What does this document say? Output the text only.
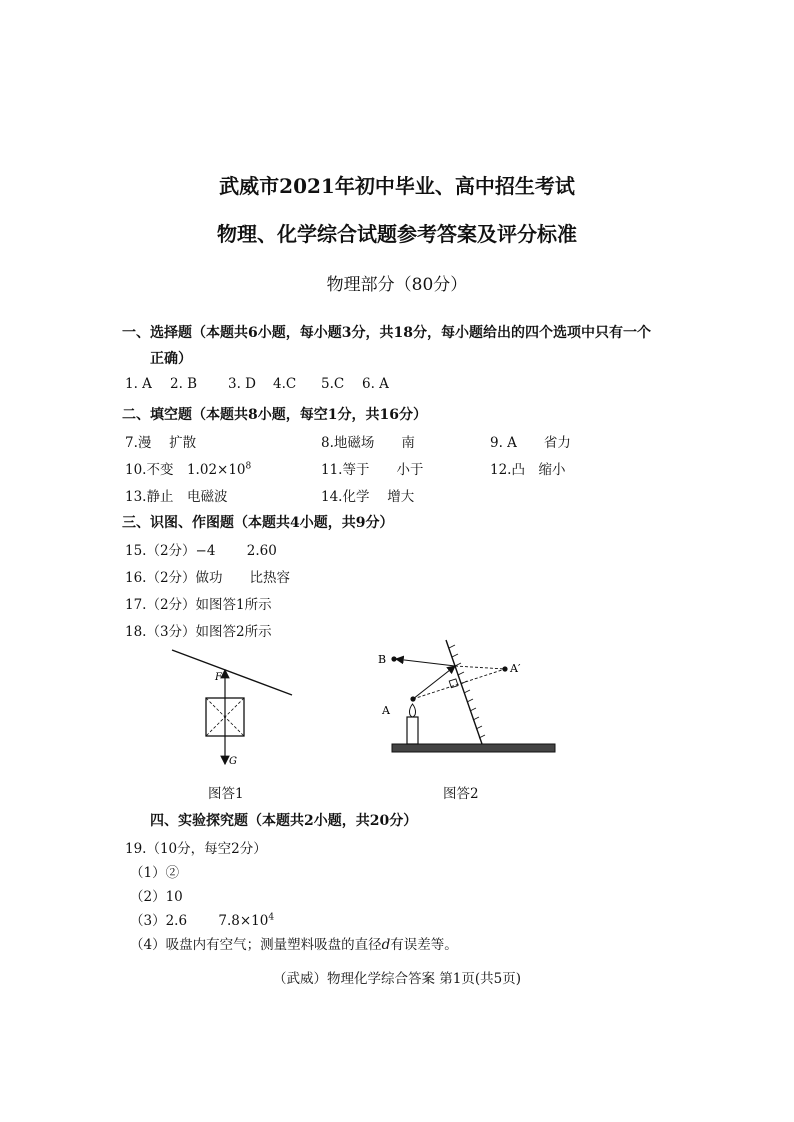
武威市2021年初中毕业、高中招生考试
物理、化学综合试题参考答案及评分标准
物理部分（80分）
一、选择题（本题共6小题，每小题3分，共18分，每小题给出的四个选项中只有一个
正确）
1. A 2. B 3. D 4.C 5.C 6. A
二、填空题（本题共8小题，每空1分，共16分）
7.漫　 扩散	8.地磁场　　南	9. A　　省力
10.不变　$1.02\times 10^8$	11.等于　　小于	12.凸　缩小
13.静止　电磁波	14.化学　 增大
三、识图、作图题（本题共4小题，共9分）
15.（2分）−4　　 2.60
16.（2分）做功　　比热容
17.（2分）如图答1所示
18.（3分）如图答2所示
F
G
图答1
B
A
A′
图答2
四、实验探究题（本题共2小题，共20分）
19.（10分，每空2分）
（1）②
（2）10
（3）2.6　　 $7.8\times 10^4$
（4）吸盘内有空气；测量塑料吸盘的直径d有误差等。
（武威）物理化学综合答案 第1页(共5页)
